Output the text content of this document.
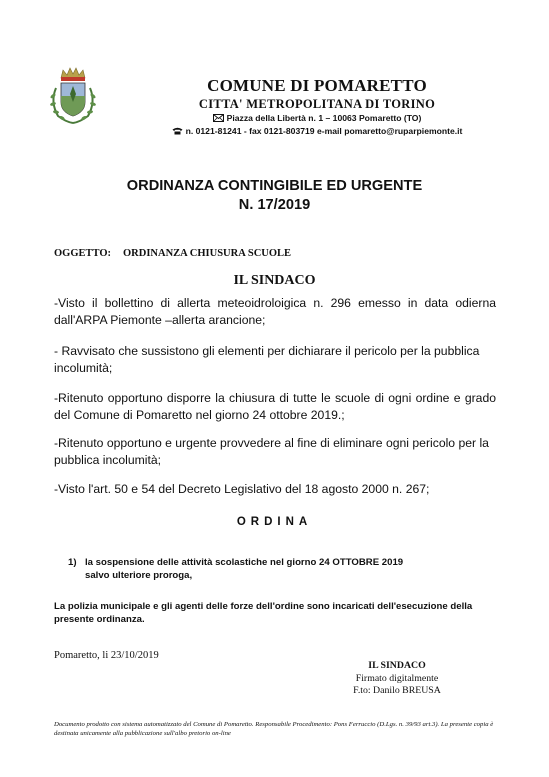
COMUNE DI POMARETTO
CITTA' METROPOLITANA DI TORINO
Piazza della Libertà n. 1 – 10063 Pomaretto (TO)
n. 0121-81241 - fax 0121-803719 e-mail pomaretto@ruparpiemonte.it
ORDINANZA CONTINGIBILE ED URGENTE
N. 17/2019
OGGETTO: ORDINANZA CHIUSURA SCUOLE
IL SINDACO
-Visto il bollettino di allerta meteoidroloigica n. 296 emesso in data odierna dall'ARPA Piemonte –allerta arancione;
- Ravvisato che sussistono gli elementi per dichiarare il pericolo per la pubblica incolumità;
-Ritenuto opportuno disporre la chiusura di tutte le scuole di ogni ordine e grado del Comune di Pomaretto nel giorno 24 ottobre 2019.;
-Ritenuto opportuno e urgente provvedere al fine di eliminare ogni pericolo per la pubblica incolumità;
-Visto l'art. 50 e 54 del Decreto Legislativo del 18 agosto 2000 n. 267;
ORDINA
1) la sospensione delle attività scolastiche nel giorno 24 OTTOBRE 2019
salvo ulteriore proroga,
La polizia municipale e gli agenti delle forze dell'ordine sono incaricati dell'esecuzione della presente ordinanza.
Pomaretto, li 23/10/2019
IL SINDACO
Firmato digitalmente
F.to: Danilo BREUSA
Documento prodotto con sistema automatizzato del Comune di Pomaretto. Responsabile Procedimento: Pons Ferruccio (D.Lgs. n. 39/93 art.3). La presente copia è destinata unicamente alla pubblicazione sull'albo pretorio on-line
